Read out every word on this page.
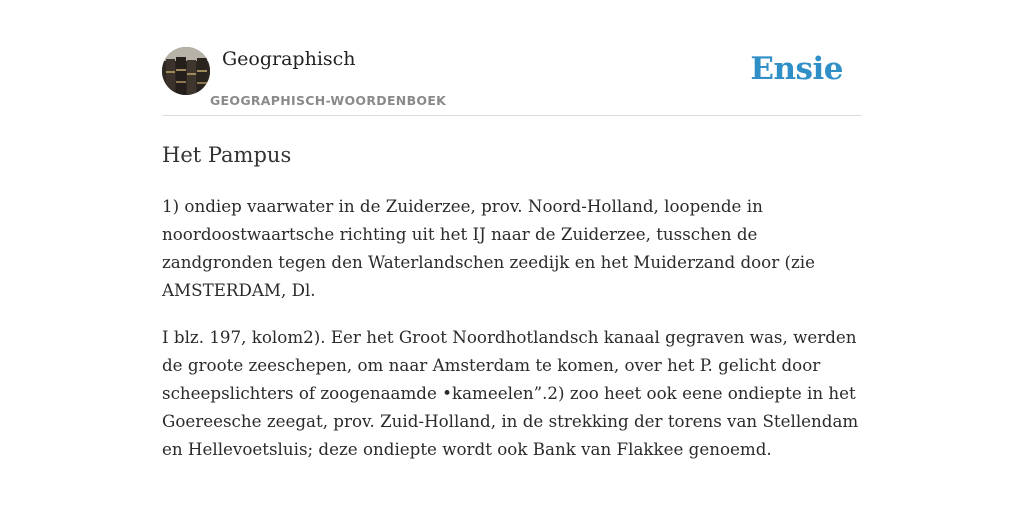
Geographisch
GEOGRAPHISCH-WOORDENBOEK
Ensie
Het Pampus

1) ondiep vaarwater in de Zuiderzee, prov. Noord-Holland, loopende in
noordoostwaartsche richting uit het IJ naar de Zuiderzee, tusschen de
zandgronden tegen den Waterlandschen zeedijk en het Muiderzand door (zie
AMSTERDAM, Dl.

I blz. 197, kolom2). Eer het Groot Noordhotlandsch kanaal gegraven was, werden
de groote zeeschepen, om naar Amsterdam te komen, over het P. gelicht door
scheepslichters of zoogenaamde •kameelen”.2) zoo heet ook eene ondiepte in het
Goereesche zeegat, prov. Zuid-Holland, in de strekking der torens van Stellendam
en Hellevoetsluis; deze ondiepte wordt ook Bank van Flakkee genoemd.
